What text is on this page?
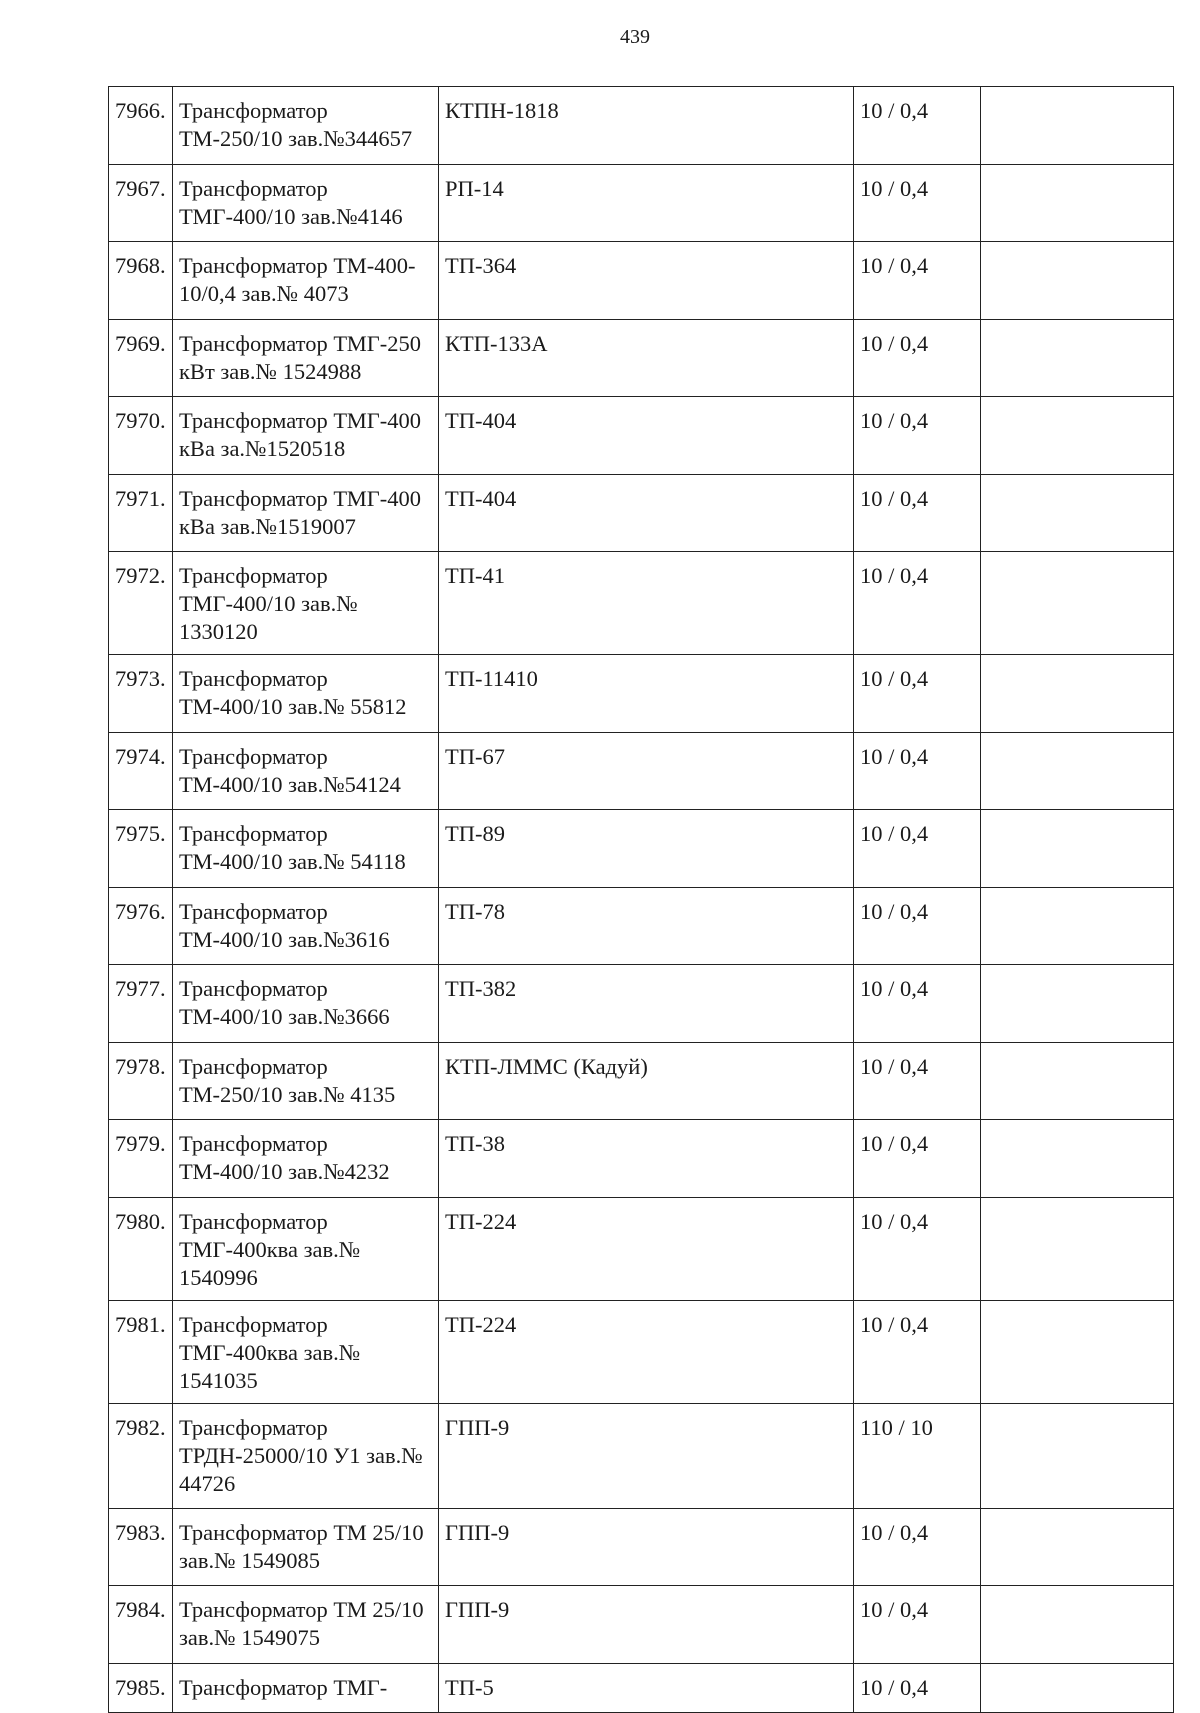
439
7966.	Трансформатор ТМ-250/10 зав.№344657	КТПН-1818	10 / 0,4	
7967.	Трансформатор ТМГ-400/10 зав.№4146	РП-14	10 / 0,4	
7968.	Трансформатор ТМ-400-10/0,4 зав.№ 4073	ТП-364	10 / 0,4	
7969.	Трансформатор ТМГ-250 кВт зав.№ 1524988	КТП-133А	10 / 0,4	
7970.	Трансформатор ТМГ-400 кВа за.№1520518	ТП-404	10 / 0,4	
7971.	Трансформатор ТМГ-400 кВа зав.№1519007	ТП-404	10 / 0,4	
7972.	Трансформатор ТМГ-400/10 зав.№ 1330120	ТП-41	10 / 0,4	
7973.	Трансформатор ТМ-400/10 зав.№ 55812	ТП-11410	10 / 0,4	
7974.	Трансформатор ТМ-400/10 зав.№54124	ТП-67	10 / 0,4	
7975.	Трансформатор ТМ-400/10 зав.№ 54118	ТП-89	10 / 0,4	
7976.	Трансформатор ТМ-400/10 зав.№3616	ТП-78	10 / 0,4	
7977.	Трансформатор ТМ-400/10 зав.№3666	ТП-382	10 / 0,4	
7978.	Трансформатор ТМ-250/10 зав.№ 4135	КТП-ЛММС (Кадуй)	10 / 0,4	
7979.	Трансформатор ТМ-400/10 зав.№4232	ТП-38	10 / 0,4	
7980.	Трансформатор ТМГ-400ква зав.№ 1540996	ТП-224	10 / 0,4	
7981.	Трансформатор ТМГ-400ква зав.№ 1541035	ТП-224	10 / 0,4	
7982.	Трансформатор ТРДН-25000/10 У1 зав.№ 44726	ГПП-9	110 / 10	
7983.	Трансформатор ТМ 25/10 зав.№ 1549085	ГПП-9	10 / 0,4	
7984.	Трансформатор ТМ 25/10 зав.№ 1549075	ГПП-9	10 / 0,4	
7985.	Трансформатор ТМГ-	ТП-5	10 / 0,4	
